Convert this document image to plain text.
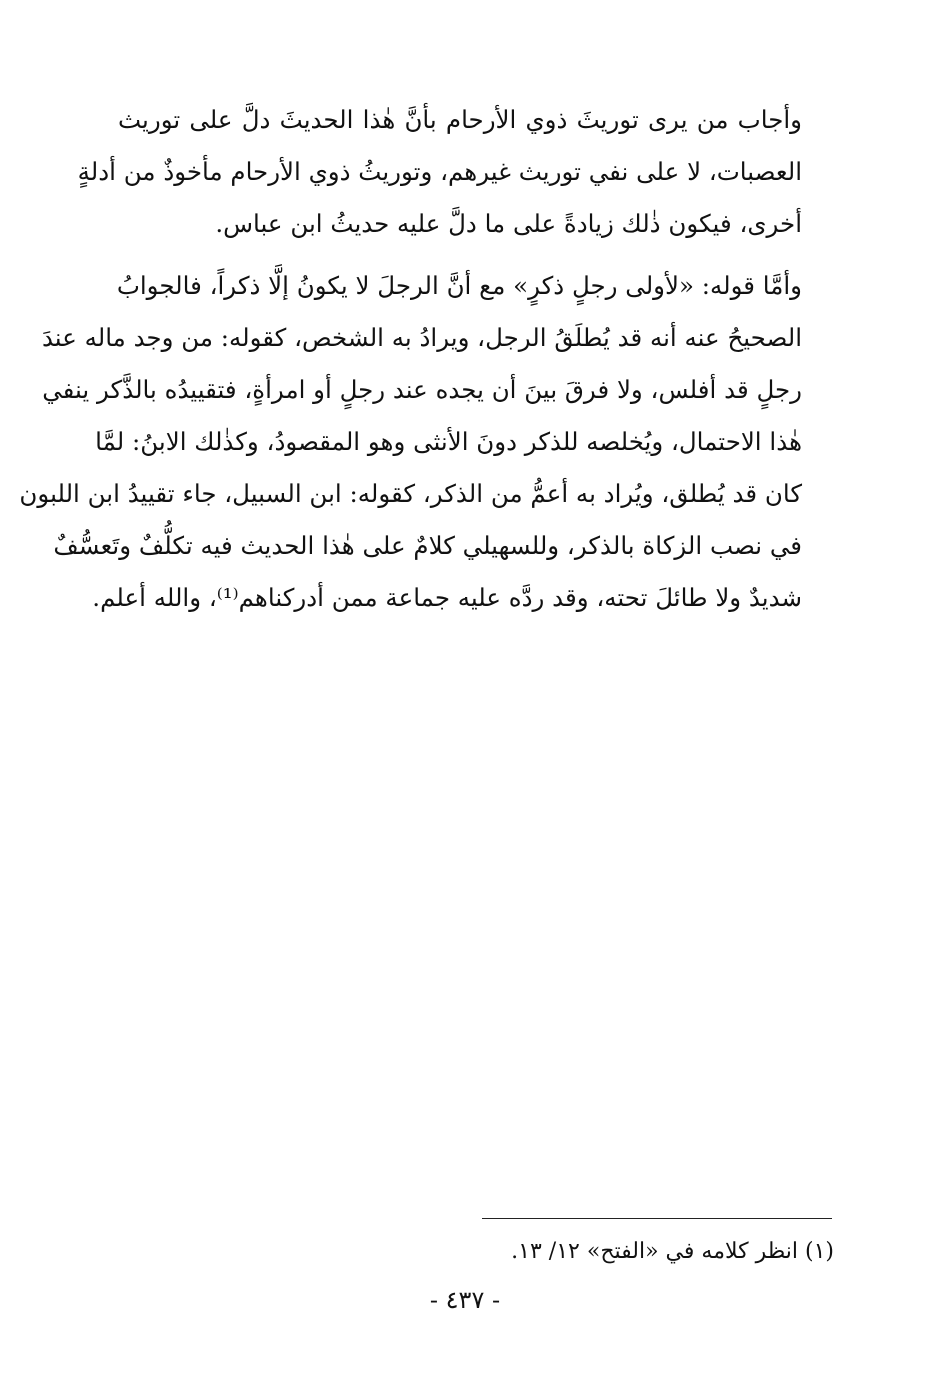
وأجاب من يرى توريثَ ذوي الأرحام بأنَّ هٰذا الحديثَ دلَّ على توريث
العصبات، لا على نفي توريث غيرهم، وتوريثُ ذوي الأرحام مأخوذٌ من أدلةٍ
أخرى، فيكون ذٰلك زيادةً على ما دلَّ عليه حديثُ ابن عباس.

وأمَّا قوله: «لأولى رجلٍ ذكرٍ» مع أنَّ الرجلَ لا يكونُ إلَّا ذكراً، فالجوابُ
الصحيحُ عنه أنه قد يُطلَقُ الرجل، ويرادُ به الشخص، كقوله: من وجد ماله عندَ
رجلٍ قد أفلس، ولا فرقَ بينَ أن يجده عند رجلٍ أو امرأةٍ، فتقييدُه بالذَّكر ينفي
هٰذا الاحتمال، ويُخلصه للذكر دونَ الأنثى وهو المقصودُ، وكذٰلك الابنُ: لمَّا
كان قد يُطلق، ويُراد به أعمُّ من الذكر، كقوله: ابن السبيل، جاء تقييدُ ابن اللبون
في نصب الزكاة بالذكر، وللسهيلي كلامٌ على هٰذا الحديث فيه تكلُّفٌ وتَعسُّفٌ
شديدٌ ولا طائلَ تحته، وقد ردَّه عليه جماعة ممن أدركناهم⁽¹⁾، والله أعلم.

(١) انظر كلامه في «الفتح» ١٢/ ١٣.
- ٤٣٧ -
